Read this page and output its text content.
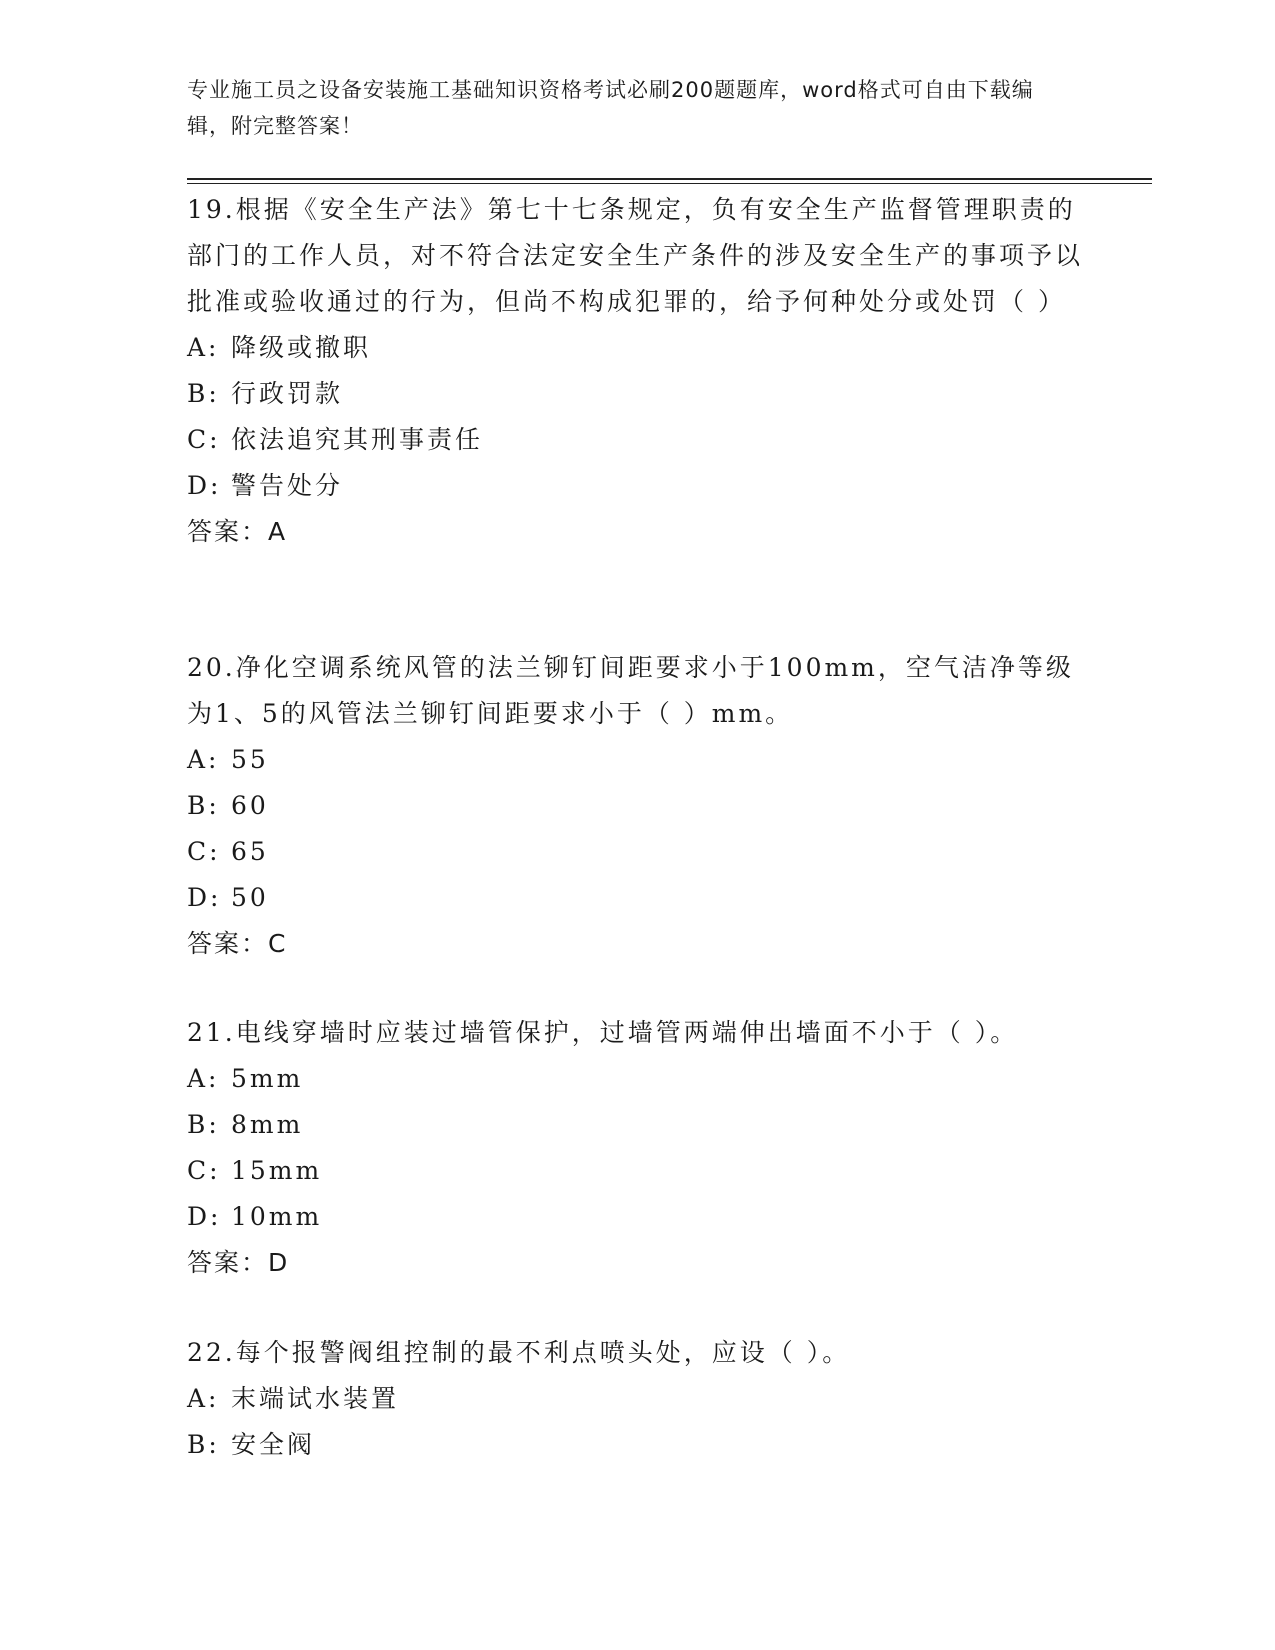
专业施工员之设备安装施工基础知识资格考试必刷200题题库，word格式可自由下载编辑，附完整答案！

19.根据《安全生产法》第七十七条规定，负有安全生产监督管理职责的部门的工作人员，对不符合法定安全生产条件的涉及安全生产的事项予以批准或验收通过的行为，但尚不构成犯罪的，给予何种处分或处罚（ ）

A: 降级或撤职

B: 行政罚款

C: 依法追究其刑事责任

D: 警告处分

答案：A

20.净化空调系统风管的法兰铆钉间距要求小于100mm，空气洁净等级为1、5的风管法兰铆钉间距要求小于（ ）mm。

A: 55

B: 60

C: 65

D: 50

答案：C

21.电线穿墙时应装过墙管保护，过墙管两端伸出墙面不小于（ ）。

A: 5mm

B: 8mm

C: 15mm

D: 10mm

答案：D

22.每个报警阀组控制的最不利点喷头处，应设（ ）。

A: 末端试水装置

B: 安全阀
